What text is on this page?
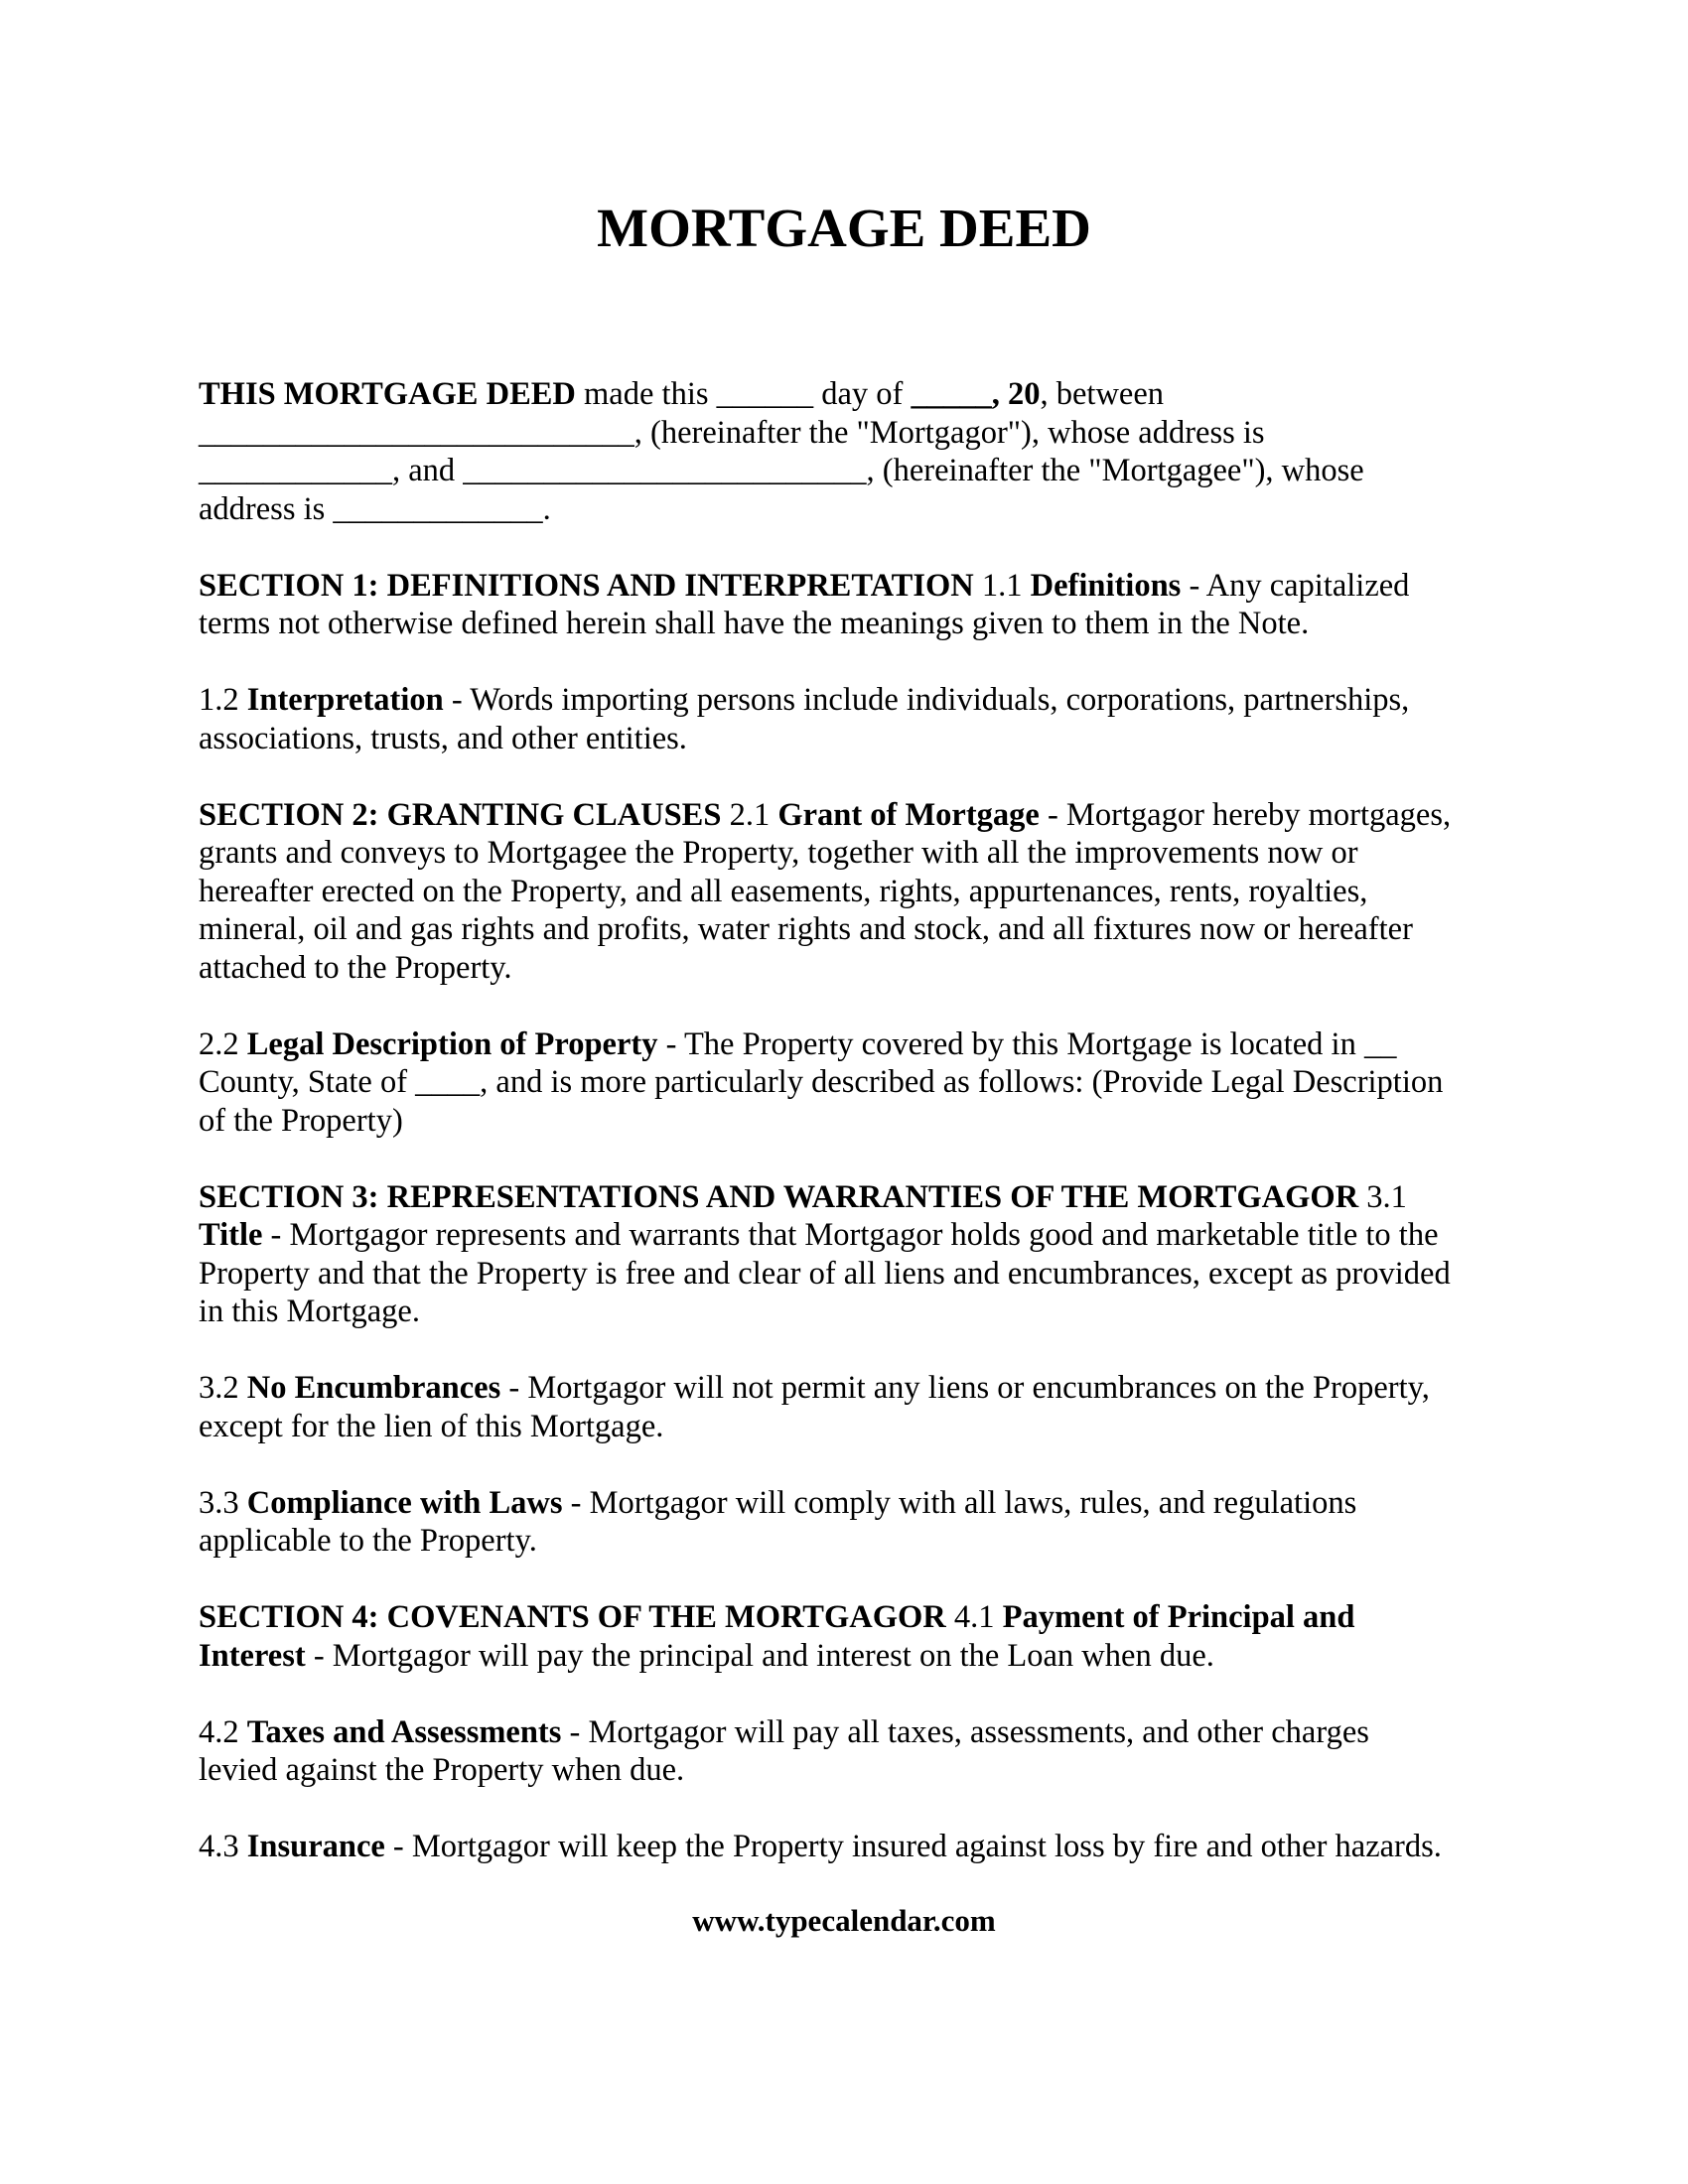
MORTGAGE DEED

THIS MORTGAGE DEED made this ______ day of _____, 20, between
___________________________, (hereinafter the "Mortgagor"), whose address is
____________, and _________________________, (hereinafter the "Mortgagee"), whose
address is _____________.

SECTION 1: DEFINITIONS AND INTERPRETATION 1.1 Definitions - Any capitalized
terms not otherwise defined herein shall have the meanings given to them in the Note.

1.2 Interpretation - Words importing persons include individuals, corporations, partnerships,
associations, trusts, and other entities.

SECTION 2: GRANTING CLAUSES 2.1 Grant of Mortgage - Mortgagor hereby mortgages,
grants and conveys to Mortgagee the Property, together with all the improvements now or
hereafter erected on the Property, and all easements, rights, appurtenances, rents, royalties,
mineral, oil and gas rights and profits, water rights and stock, and all fixtures now or hereafter
attached to the Property.

2.2 Legal Description of Property - The Property covered by this Mortgage is located in __
County, State of ____, and is more particularly described as follows: (Provide Legal Description
of the Property)

SECTION 3: REPRESENTATIONS AND WARRANTIES OF THE MORTGAGOR 3.1
Title - Mortgagor represents and warrants that Mortgagor holds good and marketable title to the
Property and that the Property is free and clear of all liens and encumbrances, except as provided
in this Mortgage.

3.2 No Encumbrances - Mortgagor will not permit any liens or encumbrances on the Property,
except for the lien of this Mortgage.

3.3 Compliance with Laws - Mortgagor will comply with all laws, rules, and regulations
applicable to the Property.

SECTION 4: COVENANTS OF THE MORTGAGOR 4.1 Payment of Principal and
Interest - Mortgagor will pay the principal and interest on the Loan when due.

4.2 Taxes and Assessments - Mortgagor will pay all taxes, assessments, and other charges
levied against the Property when due.

4.3 Insurance - Mortgagor will keep the Property insured against loss by fire and other hazards.

www.typecalendar.com
